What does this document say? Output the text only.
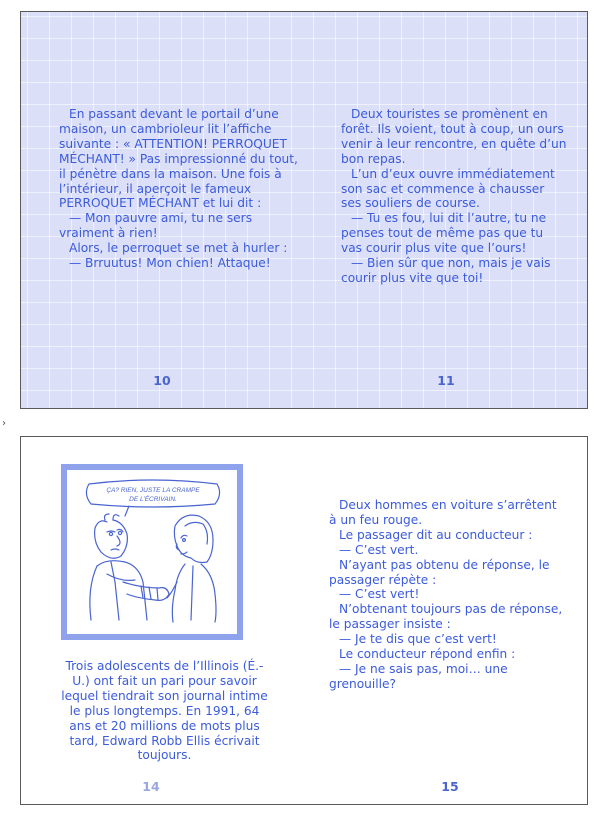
En passant devant le portail d’une maison, un cambrioleur lit l’affiche suivante : « ATTENTION! PERROQUET MÉCHANT! » Pas impressionné du tout, il pénètre dans la maison. Une fois à l’intérieur, il aperçoit le fameux PERROQUET MÉCHANT et lui dit :

— Mon pauvre ami, tu ne sers vraiment à rien!

Alors, le perroquet se met à hurler :

— Brruutus! Mon chien! Attaque!

10

Deux touristes se promènent en forêt. Ils voient, tout à coup, un ours venir à leur rencontre, en quête d’un bon repas.

L’un d’eux ouvre immédiatement son sac et commence à chausser ses souliers de course.

— Tu es fou, lui dit l’autre, tu ne penses tout de même pas que tu vas courir plus vite que l’ours!

— Bien sûr que non, mais je vais courir plus vite que toi!

11
›
ÇA? RIEN, JUSTE LA CRAMPE
DE L’ÉCRIVAIN.

Trois adolescents de l’Illinois (É.-U.) ont fait un pari pour savoir lequel tiendrait son journal intime le plus longtemps. En 1991, 64 ans et 20 millions de mots plus tard, Edward Robb Ellis écrivait toujours.

14

Deux hommes en voiture s’arrêtent à un feu rouge.

Le passager dit au conducteur :

— C’est vert.

N’ayant pas obtenu de réponse, le passager répète :

— C’est vert!

N’obtenant toujours pas de réponse, le passager insiste :

— Je te dis que c’est vert!

Le conducteur répond enfin :

— Je ne sais pas, moi… une grenouille?

15
